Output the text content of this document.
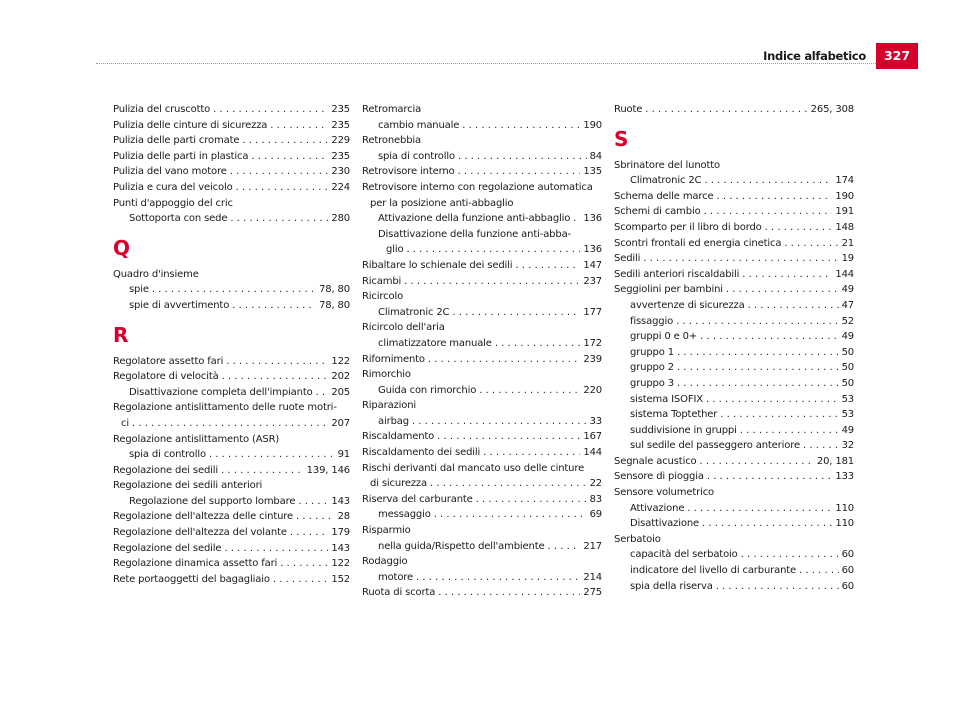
Indice alfabetico	327
Pulizia del cruscotto . . .	235
Pulizia delle cinture di sicurezza . . .	235
Pulizia delle parti cromate . . .	229
Pulizia delle parti in plastica . . .	235
Pulizia del vano motore . . .	230
Pulizia e cura del veicolo . . .	224
Punti d'appoggio del cric
Sottoporta con sede . . .	280
Q
Quadro d'insieme
spie . . .	78, 80
spie di avvertimento . . .	78, 80
R
Regolatore assetto fari . . .	122
Regolatore di velocità . . .	202
Disattivazione completa dell'impianto . . . 205
Regolazione antislittamento delle ruote motri-
ci . . .	207
Regolazione antislittamento (ASR)
spia di controllo . . .	91
Regolazione dei sedili . . .	139, 146
Regolazione dei sedili anteriori
Regolazione del supporto lombare . . .	143
Regolazione dell'altezza delle cinture . . .	28
Regolazione dell'altezza del volante . . .	179
Regolazione del sedile . . .	143
Regolazione dinamica assetto fari . . .	122
Rete portaoggetti del bagagliaio . . .	152
Retromarcia
cambio manuale . . .	190
Retronebbia
spia di controllo . . .	84
Retrovisore interno . . .	135
Retrovisore interno con regolazione automatica
per la posizione anti-abbaglio
Attivazione della funzione anti-abbaglio . . . 136
Disattivazione della funzione anti-abba-
glio . . .	136
Ribaltare lo schienale dei sedili . . .	147
Ricambi . . .	237
Ricircolo
Climatronic 2C . . .	177
Ricircolo dell'aria
climatizzatore manuale . . .	172
Rifornimento . . .	239
Rimorchio
Guida con rimorchio . . .	220
Riparazioni
airbag . . .	33
Riscaldamento . . .	167
Riscaldamento dei sedili . . .	144
Rischi derivanti dal mancato uso delle cinture
di sicurezza . . .	22
Riserva del carburante . . .	83
messaggio . . .	69
Risparmio
nella guida/Rispetto dell'ambiente . . .	217
Rodaggio
motore . . .	214
Ruota di scorta . . .	275
Ruote . . .	265, 308
S
Sbrinatore del lunotto
Climatronic 2C . . .	174
Schema delle marce . . .	190
Schemi di cambio . . .	191
Scomparto per il libro di bordo . . .	148
Scontri frontali ed energia cinetica . . .	21
Sedili . . .	19
Sedili anteriori riscaldabili . . .	144
Seggiolini per bambini . . .	49
avvertenze di sicurezza . . .	47
fissaggio . . .	52
gruppi 0 e 0+ . . .	49
gruppo 1 . . .	50
gruppo 2 . . .	50
gruppo 3 . . .	50
sistema ISOFIX . . .	53
sistema Toptether . . .	53
suddivisione in gruppi . . .	49
sul sedile del passeggero anteriore . . .	32
Segnale acustico . . .	20, 181
Sensore di pioggia . . .	133
Sensore volumetrico
Attivazione . . .	110
Disattivazione . . .	110
Serbatoio
capacità del serbatoio . . .	60
indicatore del livello di carburante . . .	60
spia della riserva . . .	60
